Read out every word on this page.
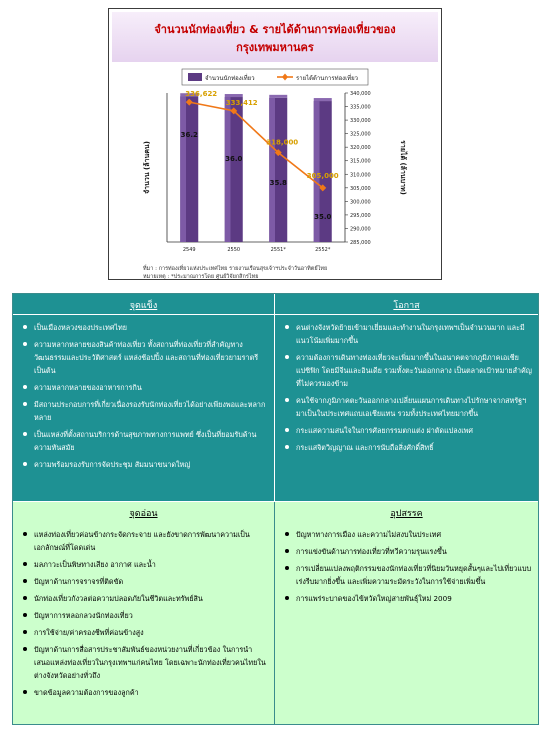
จำนวนนักท่องเที่ยว & รายได้ด้านการท่องเที่ยวของ
กรุงเทพมหานคร
จำนวนนักท่องเที่ยว	รายได้ด้านการท่องเที่ยว
285,000
290,000
295,000
300,000
305,000
310,000
315,000
320,000
325,000
330,000
335,000
340,000
จำนวน (ล้านคน)	รายได้ (ล้านบาท)
2549	2550	2551*	2552*
36.2
36.0
35.8
35.0
336,622
333,412
318,000
305,000
ที่มา : การท่องเที่ยวแห่งประเทศไทย รายงานเรือนสุขเจ้าฯประจำวันอาทิตย์ไทย
หมายเหตุ : *ประมาณการโดย ศูนย์วิจัยกสิกรไทย
จุดแข็ง
เป็นเมืองหลวงของประเทศไทย
ความหลากหลายของสินค้าท่องเที่ยว ทั้งสถานที่ท่องเที่ยวที่สำคัญทางวัฒนธรรมและประวัติศาสตร์ แหล่งช้อปปิ้ง และสถานที่ท่องเที่ยวยามราตรี เป็นต้น
ความหลากหลายของอาหารการกิน
มีสถานประกอบการที่เกี่ยวเนื่องรองรับนักท่องเที่ยวได้อย่างเพียงพอและหลากหลาย
เป็นแหล่งที่ตั้งสถานบริการด้านสุขภาพทางการแพทย์ ซึ่งเป็นที่ยอมรับด้านความทันสมัย
ความพร้อมรองรับการจัดประชุม สัมมนาขนาดใหญ่
โอกาส
คนต่างจังหวัดย้ายเข้ามาเยี่ยมและทำงานในกรุงเทพฯเป็นจำนวนมาก และมีแนวโน้มเพิ่มมากขึ้น
ความต้องการเดินทางท่องเที่ยวจะเพิ่มมากขึ้นในอนาคตจากภูมิภาคเอเชียแปซิฟิก โดยมีจีนและอินเดีย รวมทั้งตะวันออกกลาง เป็นตลาดเป้าหมายสำคัญที่ไม่ควรมองข้าม
คนใช้จากภูมิภาคตะวันออกกลางเปลี่ยนแผนการเดินทางไปรักษาจากสหรัฐฯ มาเป็นในประเทศแถบเอเชียแทน รวมทั้งประเทศไทยมากขึ้น
กระแสความสนใจในการศัลยกรรมตกแต่ง ผ่าตัดแปลงเพศ
กระแสจิตวิญญาณ และการนับถือสิ่งศักดิ์สิทธิ์
จุดอ่อน
แหล่งท่องเที่ยวค่อนข้างกระจัดกระจาย และยังขาดการพัฒนาความเป็นเอกลักษณ์ที่โดดเด่น
มลภาวะเป็นพิษทางเสียง อากาศ และน้ำ
ปัญหาด้านการจราจรที่ติดขัด
นักท่องเที่ยวกังวลต่อความปลอดภัยในชีวิตและทรัพย์สิน
ปัญหาการหลอกลวงนักท่องเที่ยว
การใช้จ่าย/ค่าครองชีพที่ค่อนข้างสูง
ปัญหาด้านการสื่อสารประชาสัมพันธ์ของหน่วยงานที่เกี่ยวข้อง ในการนำเสนอแหล่งท่องเที่ยวในกรุงเทพฯแก่คนไทย โดยเฉพาะนักท่องเที่ยวคนไทยในต่างจังหวัดอย่างทั่วถึง
ขาดข้อมูลความต้องการของลูกค้า
อุปสรรค
ปัญหาทางการเมือง และความไม่สงบในประเทศ
การแข่งขันด้านการท่องเที่ยวที่ทวีความรุนแรงขึ้น
การเปลี่ยนแปลงพฤติกรรมของนักท่องเที่ยวที่นิยมวันหยุดสั้นๆและไปเที่ยวแบบเร่งรีบมากยิ่งขึ้น และเพิ่มความระมัดระวังในการใช้จ่ายเพิ่มขึ้น
การแพร่ระบาดของไข้หวัดใหญ่สายพันธุ์ใหม่ 2009
